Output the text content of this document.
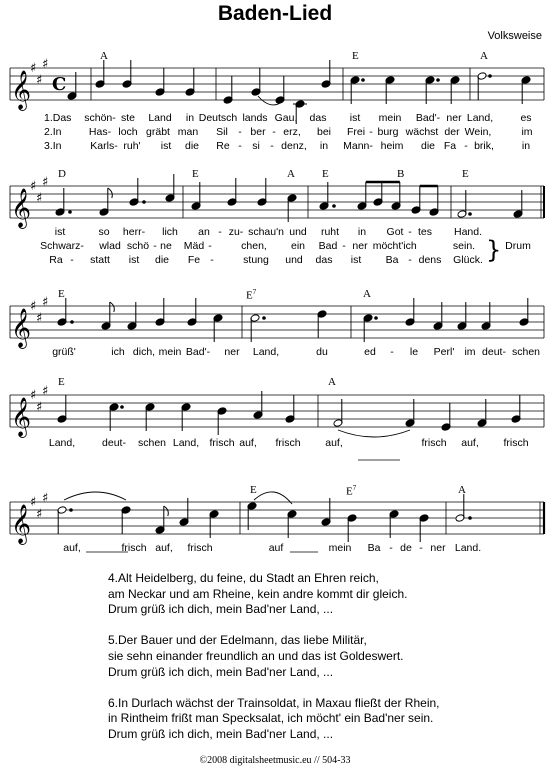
Baden-Lied
Volksweise
𝄞
♯
♯
♯
C
A	E	A
1.Das schön- ste Land in Deutsch lands Gau, das ist mein Bad'- ner Land,	es
2.In	Has- loch gräbt man Sil - ber - erz, bei Frei - burg wächst der Wein,	im
3.In	Karls- ruh' ist die Re - si - denz, in Mann- heim die Fa - brik,	in
𝄞
♯
♯
♯
}
D	E	A E	B	E
ist	so herr- lich an - zu- schau'n und ruht in Got - tes Hand.
Schwarz- wlad schö - ne Mäd -	chen, ein Bad - ner möcht' ich	sein.	Drum
Ra - statt ist die Fe -	stung und das ist Ba - dens Glück.
𝄞
♯
♯
♯
E	$E^7$	A
grüß'	ich dich, mein Bad'- ner Land,	du	ed - le Perl' im deut- schen
𝄞
♯
♯
♯
E	A
Land,	deut- schen Land, frisch auf, frisch auf,	frisch auf, frisch
𝄞
♯
♯
♯
E	$E^7$	A
auf,	frisch auf, frisch	auf	mein Ba - de - ner Land.
4.Alt Heidelberg, du feine, du Stadt an Ehren reich,
am Neckar und am Rheine, kein andre kommt dir gleich.
Drum grüß ich dich, mein Bad'ner Land, ...
5.Der Bauer und der Edelmann, das liebe Militär,
sie sehn einander freundlich an und das ist Goldeswert.
Drum grüß ich dich, mein Bad'ner Land, ...
6.In Durlach wächst der Trainsoldat, in Maxau fließt der Rhein,
in Rintheim frißt man Specksalat, ich möcht' ein Bad'ner sein.
Drum grüß ich dich, mein Bad'ner Land, ...
©2008 digitalsheetmusic.eu // 504-33
